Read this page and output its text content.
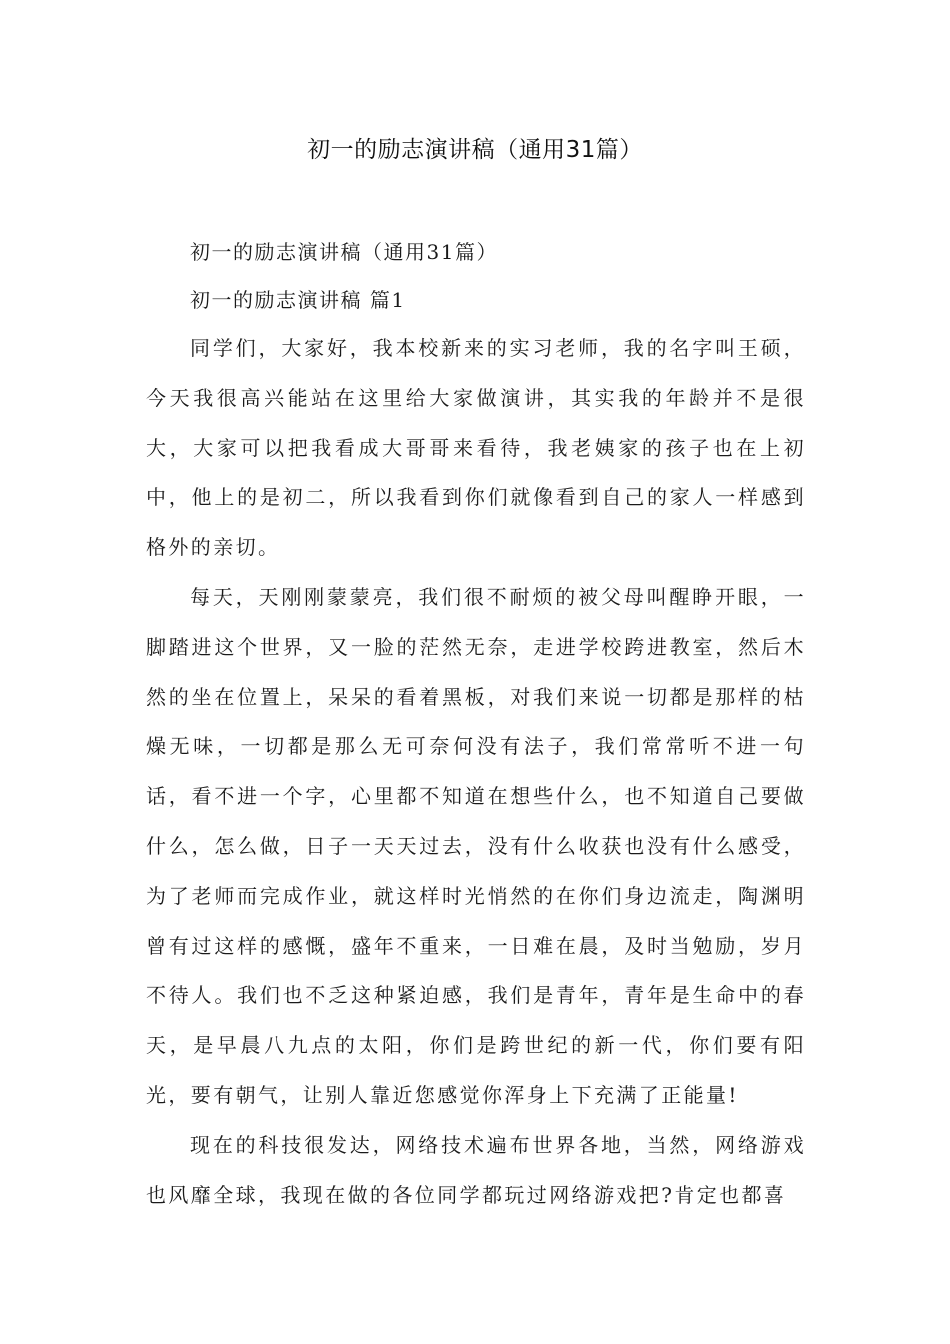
初一的励志演讲稿（通用31篇）

初一的励志演讲稿（通用31篇）

初一的励志演讲稿 篇1

同学们，大家好，我本校新来的实习老师，我的名字叫王硕，今天我很高兴能站在这里给大家做演讲，其实我的年龄并不是很大，大家可以把我看成大哥哥来看待，我老姨家的孩子也在上初中，他上的是初二，所以我看到你们就像看到自己的家人一样感到格外的亲切。

每天，天刚刚蒙蒙亮，我们很不耐烦的被父母叫醒睁开眼，一脚踏进这个世界，又一脸的茫然无奈，走进学校跨进教室，然后木然的坐在位置上，呆呆的看着黑板，对我们来说一切都是那样的枯燥无味，一切都是那么无可奈何没有法子，我们常常听不进一句话，看不进一个字，心里都不知道在想些什么，也不知道自己要做什么，怎么做，日子一天天过去，没有什么收获也没有什么感受，为了老师而完成作业，就这样时光悄然的在你们身边流走，陶渊明曾有过这样的感慨，盛年不重来，一日难在晨，及时当勉励，岁月不待人。我们也不乏这种紧迫感，我们是青年，青年是生命中的春天，是早晨八九点的太阳，你们是跨世纪的新一代，你们要有阳光，要有朝气，让别人靠近您感觉你浑身上下充满了正能量!

现在的科技很发达，网络技术遍布世界各地，当然，网络游戏也风靡全球，我现在做的各位同学都玩过网络游戏把?肯定也都喜
